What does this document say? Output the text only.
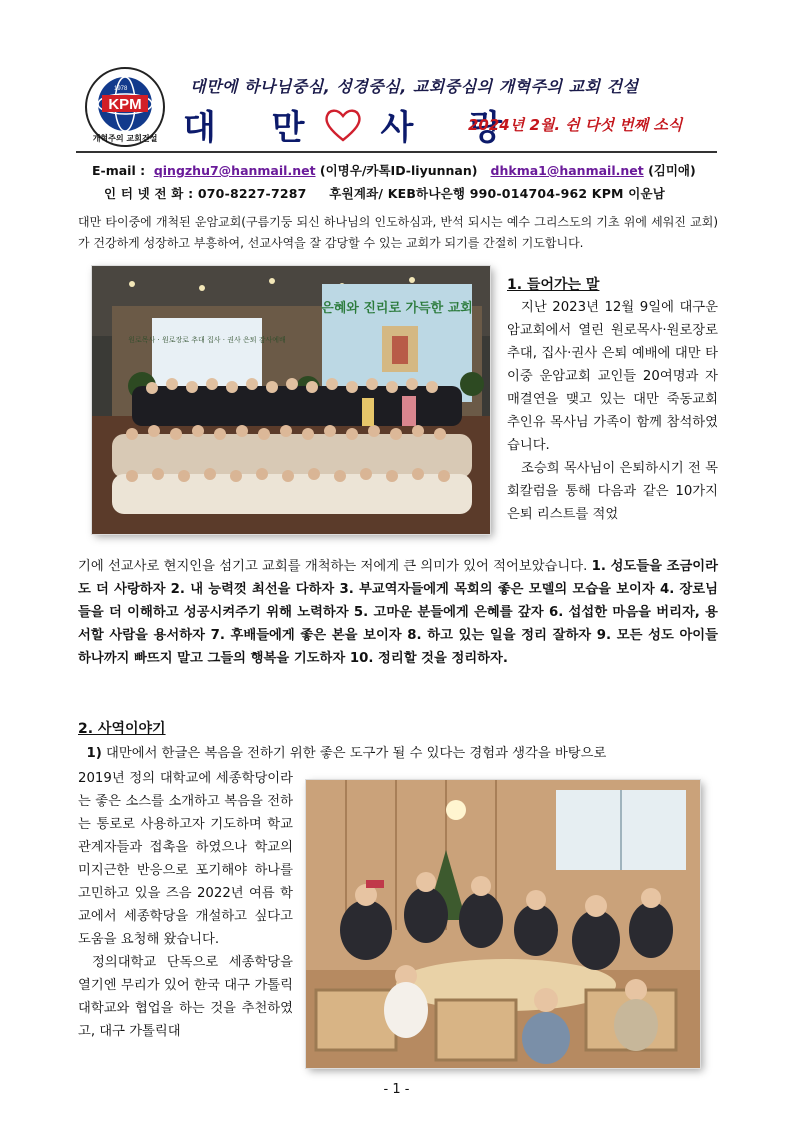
KPM
1978
개혁주의 교회건설
대만에 하나님중심, 성경중심, 교회중심의 개혁주의 교회 건설
대 만 사 랑
2024년 2월. 쉰 다섯 번째 소식
E-mail : qingzhu7@hanmail.net (이명우/카톡ID-liyunnan) dhkma1@hanmail.net (김미애)
인 터 넷 전 화 : 070-8227-7287     후원계좌/ KEB하나은행 990-014704-962 KPM 이운남
대만 타이중에 개척된 운암교회(구름기둥 되신 하나님의 인도하심과, 반석 되시는 예수 그리스도의 기초 위에 세워진 교회)가 건강하게 성장하고 부흥하여, 선교사역을 잘 감당할 수 있는 교회가 되기를 간절히 기도합니다.
원로목사 · 원로장로 추대 집사 · 권사 은퇴 감사예배
은혜와 진리로 가득한 교회
1. 들어가는 말
지난 2023년 12월 9일에 대구운암교회에서 열린 원로목사·원로장로 추대, 집사·권사 은퇴 예배에 대만 타이중 운암교회 교인들 20여명과 자매결연을 맺고 있는 대만 죽동교회 추인유 목사님 가족이 함께 참석하였습니다.
조승희 목사님이 은퇴하시기 전 목회칼럼을 통해 다음과 같은 10가지 은퇴 리스트를 적었
기에 선교사로 현지인을 섬기고 교회를 개척하는 저에게 큰 의미가 있어 적어보았습니다. 1. 성도들을 조금이라도 더 사랑하자 2. 내 능력껏 최선을 다하자 3. 부교역자들에게 목회의 좋은 모델의 모습을 보이자 4. 장로님들을 더 이해하고 성공시켜주기 위해 노력하자 5. 고마운 분들에게 은혜를 갚자 6. 섭섭한 마음을 버리자, 용서할 사람을 용서하자 7. 후배들에게 좋은 본을 보이자 8. 하고 있는 일을 정리 잘하자 9. 모든 성도 아이들 하나까지 빠뜨지 말고 그들의 행복을 기도하자 10. 정리할 것을 정리하자.
2. 사역이야기
1) 대만에서 한글은 복음을 전하기 위한 좋은 도구가 될 수 있다는 경험과 생각을 바탕으로
2019년 정의 대학교에 세종학당이라는 좋은 소스를 소개하고 복음을 전하는 통로로 사용하고자 기도하며 학교 관계자들과 접촉을 하였으나 학교의 미지근한 반응으로 포기해야 하나를 고민하고 있을 즈음 2022년 여름 학교에서 세종학당을 개설하고 싶다고 도움을 요청해 왔습니다.
정의대학교 단독으로 세종학당을 열기엔 무리가 있어 한국 대구 가톨릭 대학교와 협업을 하는 것을 추천하였고, 대구 가톨릭대
- 1 -
